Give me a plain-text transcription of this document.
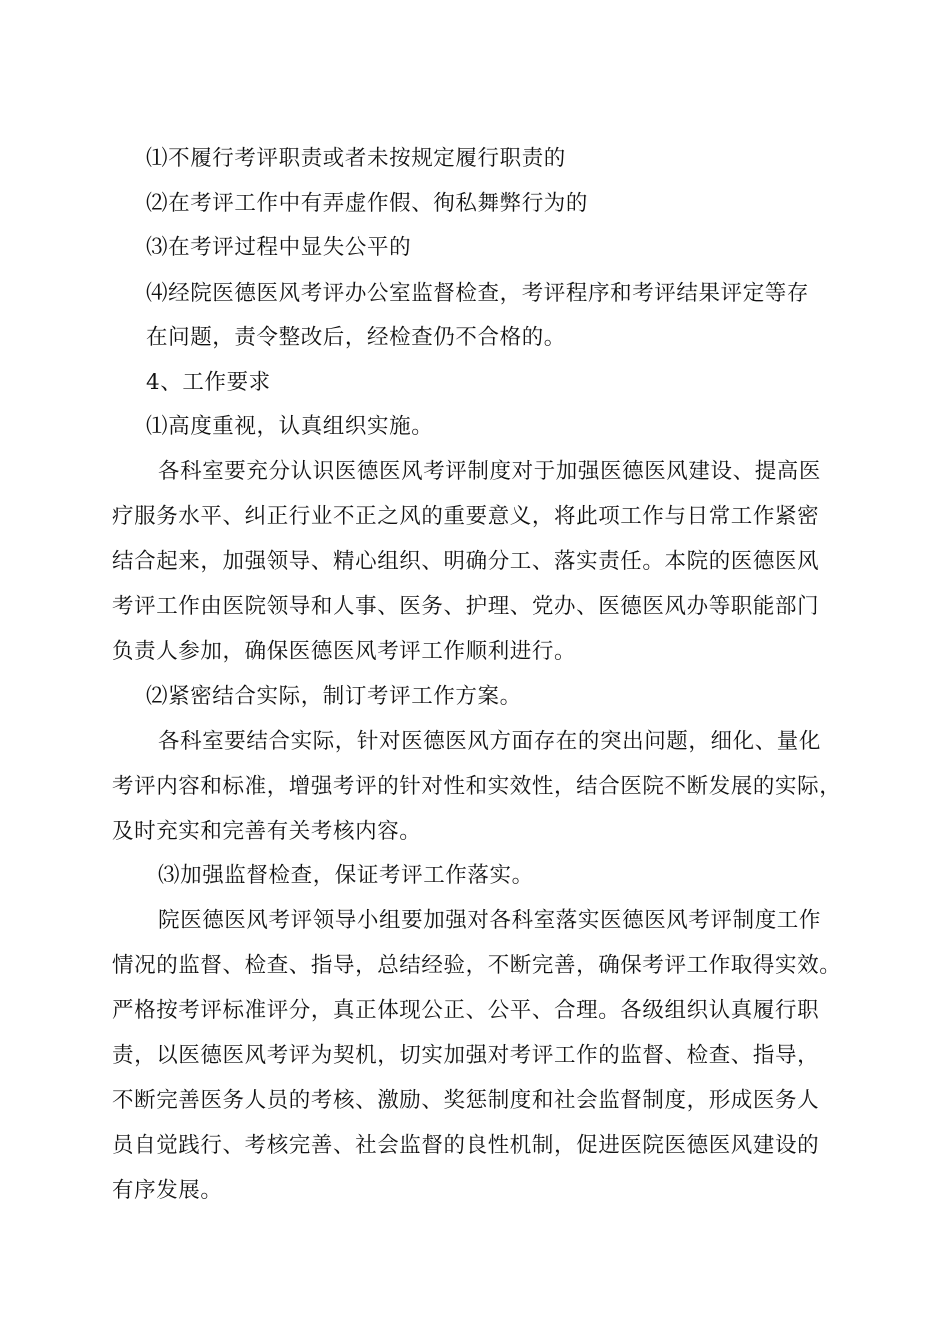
⑴不履行考评职责或者未按规定履行职责的
⑵在考评工作中有弄虚作假、徇私舞弊行为的
⑶在考评过程中显失公平的
⑷经院医德医风考评办公室监督检查，考评程序和考评结果评定等存
在问题，责令整改后，经检查仍不合格的。
4、工作要求
⑴高度重视，认真组织实施。
各科室要充分认识医德医风考评制度对于加强医德医风建设、提高医
疗服务水平、纠正行业不正之风的重要意义，将此项工作与日常工作紧密
结合起来，加强领导、精心组织、明确分工、落实责任。本院的医德医风
考评工作由医院领导和人事、医务、护理、党办、医德医风办等职能部门
负责人参加，确保医德医风考评工作顺利进行。
⑵紧密结合实际，制订考评工作方案。
各科室要结合实际，针对医德医风方面存在的突出问题，细化、量化
考评内容和标准，增强考评的针对性和实效性，结合医院不断发展的实际，
及时充实和完善有关考核内容。
⑶加强监督检查，保证考评工作落实。
院医德医风考评领导小组要加强对各科室落实医德医风考评制度工作
情况的监督、检查、指导，总结经验，不断完善，确保考评工作取得实效。
严格按考评标准评分，真正体现公正、公平、合理。各级组织认真履行职
责，以医德医风考评为契机，切实加强对考评工作的监督、检查、指导，
不断完善医务人员的考核、激励、奖惩制度和社会监督制度，形成医务人
员自觉践行、考核完善、社会监督的良性机制，促进医院医德医风建设的
有序发展。
